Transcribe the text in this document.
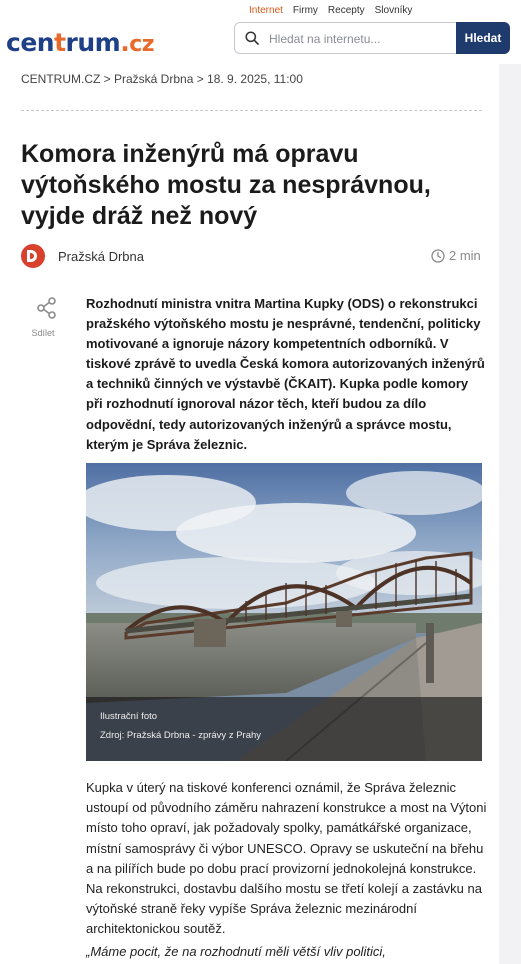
centrum.cz
Internet	Firmy	Recepty	Slovníky
Hledat na internetu...
Hledat
CENTRUM.CZ > Pražská Drbna > 18. 9. 2025, 11:00
Komora inženýrů má opravu výtoňského mostu za nesprávnou, vyjde dráž než nový
Pražská Drbna	2 min
Sdílet

Rozhodnutí ministra vnitra Martina Kupky (ODS) o rekonstrukci pražského výtoňského mostu je nesprávné, tendenční, politicky motivované a ignoruje názory kompetentních odborníků. V tiskové zprávě to uvedla Česká komora autorizovaných inženýrů a techniků činných ve výstavbě (ČKAIT). Kupka podle komory při rozhodnutí ignoroval názor těch, kteří budou za dílo odpovědní, tedy autorizovaných inženýrů a správce mostu, kterým je Správa železnic.

Ilustrační foto
Zdroj: Pražská Drbna - zprávy z Prahy

Kupka v úterý na tiskové konferenci oznámil, že Správa železnic ustoupí od původního záměru nahrazení konstrukce a most na Výtoni místo toho opraví, jak požadovaly spolky, památkářské organizace, místní samosprávy či výbor UNESCO. Opravy se uskuteční na břehu a na pilířích bude po dobu prací provizorní jednokolejná konstrukce. Na rekonstrukci, dostavbu dalšího mostu se třetí kolejí a zastávku na výtoňské straně řeky vypíše Správa železnic mezinárodní architektonickou soutěž.

„Máme pocit, že na rozhodnutí měli větší vliv politici,
